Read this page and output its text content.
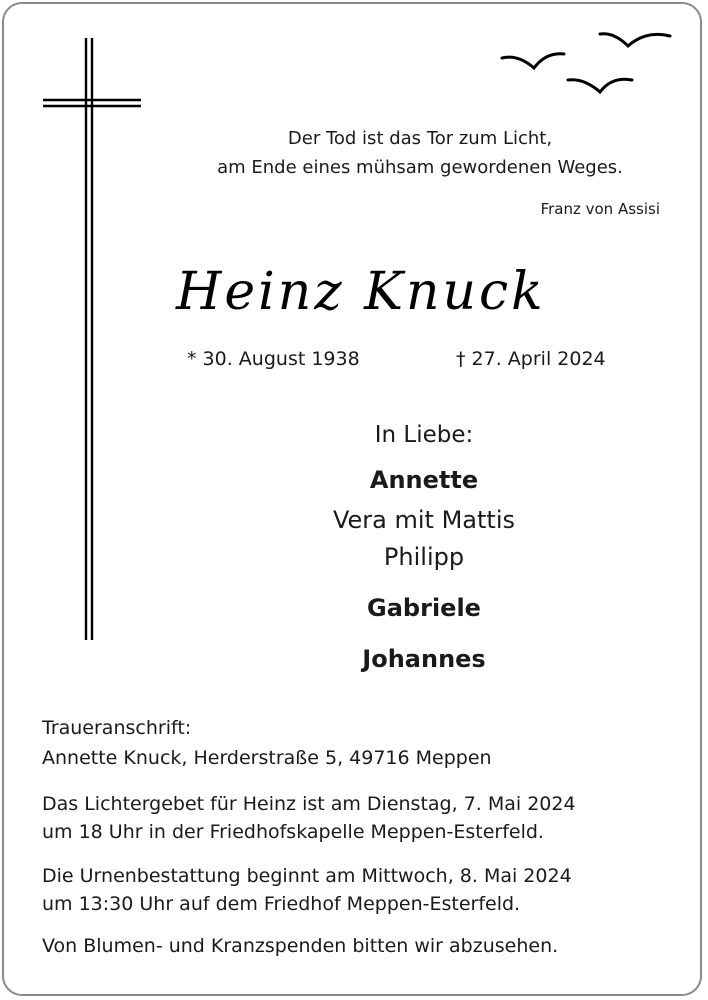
Der Tod ist das Tor zum Licht,
am Ende eines mühsam gewordenen Weges.
Franz von Assisi
Heinz Knuck
* 30. August 1938	† 27. April 2024
In Liebe:
Annette
Vera mit Mattis
Philipp
Gabriele
Johannes
Traueranschrift:
Annette Knuck, Herderstraße 5, 49716 Meppen
Das Lichtergebet für Heinz ist am Dienstag, 7. Mai 2024
um 18 Uhr in der Friedhofskapelle Meppen-Esterfeld.
Die Urnenbestattung beginnt am Mittwoch, 8. Mai 2024
um 13:30 Uhr auf dem Friedhof Meppen-Esterfeld.
Von Blumen- und Kranzspenden bitten wir abzusehen.
